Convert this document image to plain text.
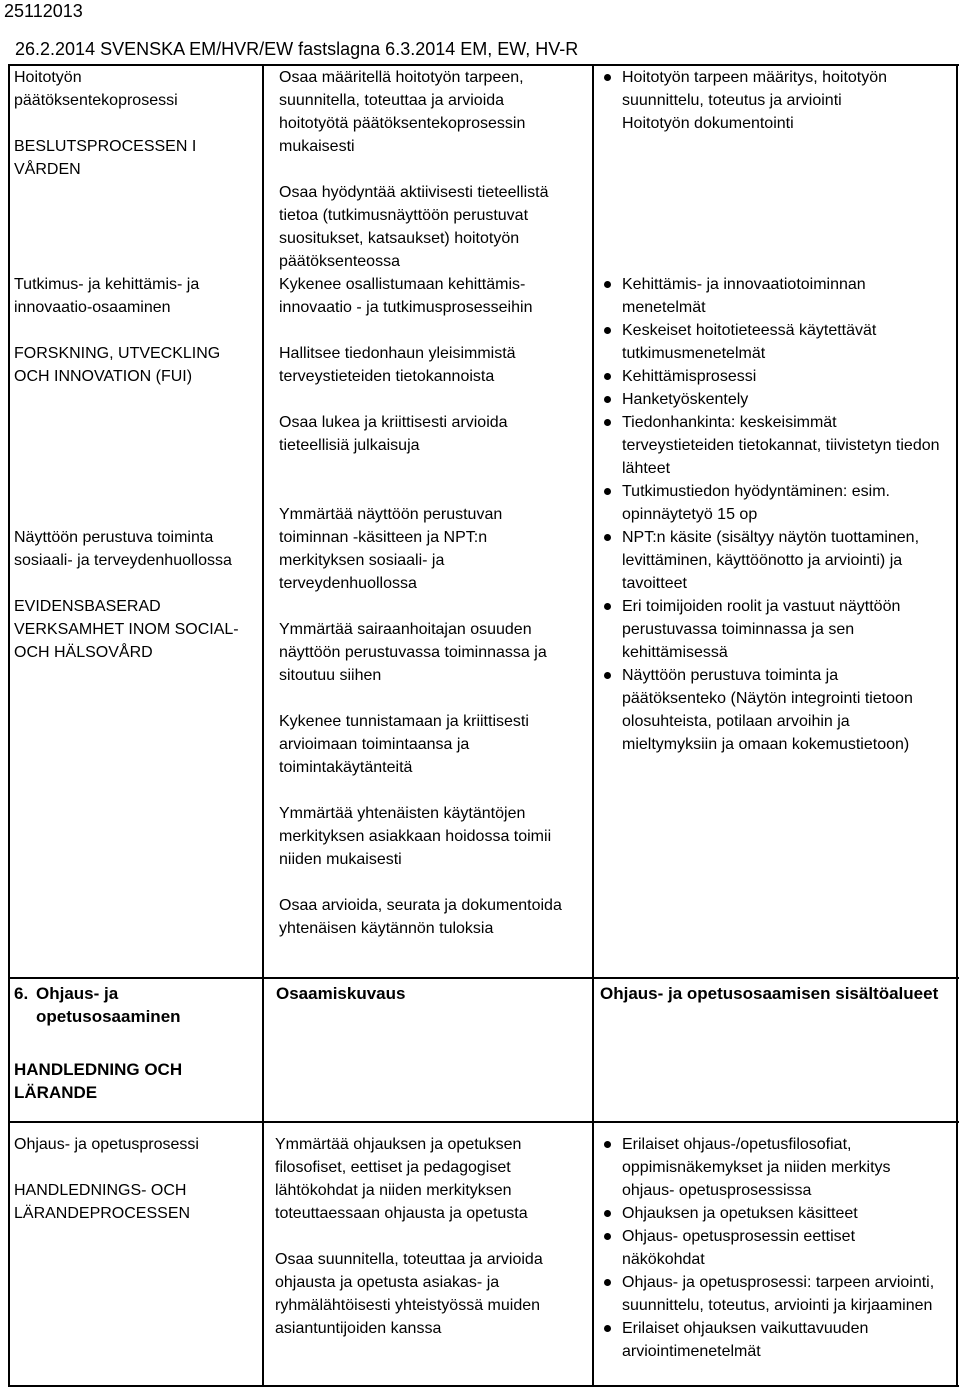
25112013
26.2.2014 SVENSKA EM/HVR/EW fastslagna 6.3.2014 EM, EW, HV-R

Hoitotyön

päätöksentekoprosessi

BESLUTSPROCESSEN I

VÅRDEN

Tutkimus- ja kehittämis- ja

innovaatio-osaaminen

FORSKNING, UTVECKLING

OCH INNOVATION (FUI)

Näyttöön perustuva toiminta

sosiaali- ja terveydenhuollossa

EVIDENSBASERAD

VERKSAMHET INOM SOCIAL-

OCH HÄLSOVÅRD

Osaa määritellä hoitotyön tarpeen,

suunnitella, toteuttaa ja arvioida

hoitotyötä päätöksentekoprosessin

mukaisesti

Osaa hyödyntää aktiivisesti tieteellistä

tietoa (tutkimusnäyttöön perustuvat

suositukset, katsaukset) hoitotyön

päätöksenteossa

Kykenee osallistumaan kehittämis-

innovaatio - ja tutkimusprosesseihin

Hallitsee tiedonhaun yleisimmistä

terveystieteiden tietokannoista

Osaa lukea ja kriittisesti arvioida

tieteellisiä julkaisuja

Ymmärtää näyttöön perustuvan

toiminnan -käsitteen ja NPT:n

merkityksen sosiaali- ja

terveydenhuollossa

Ymmärtää sairaanhoitajan osuuden

näyttöön perustuvassa toiminnassa ja

sitoutuu siihen

Kykenee tunnistamaan ja kriittisesti

arvioimaan toimintaansa ja

toimintakäytänteitä

Ymmärtää yhtenäisten käytäntöjen

merkityksen asiakkaan hoidossa toimii

niiden mukaisesti

Osaa arvioida, seurata ja dokumentoida

yhtenäisen käytännön tuloksia

Hoitotyön tarpeen määritys, hoitotyön

suunnittelu, toteutus ja arviointi

Hoitotyön dokumentointi

Kehittämis- ja innovaatiotoiminnan

menetelmät

Keskeiset hoitotieteessä käytettävät

tutkimusmenetelmät

Kehittämisprosessi

Hanketyöskentely

Tiedonhankinta: keskeisimmät

terveystieteiden tietokannat, tiivistetyn tiedon

lähteet

Tutkimustiedon hyödyntäminen: esim.

opinnäytetyö 15 op

NPT:n käsite (sisältyy näytön tuottaminen,

levittäminen, käyttöönotto ja arviointi) ja

tavoitteet

Eri toimijoiden roolit ja vastuut näyttöön

perustuvassa toiminnassa ja sen

kehittämisessä

Näyttöön perustuva toiminta ja

päätöksenteko (Näytön integrointi tietoon

olosuhteista, potilaan arvoihin ja

mieltymyksiin ja omaan kokemustietoon)

6. Ohjaus- ja

opetusosaaminen

HANDLEDNING OCH

LÄRANDE

Osaamiskuvaus	Ohjaus- ja opetusosaamisen sisältöalueet

Ohjaus- ja opetusprosessi

HANDLEDNINGS- OCH

LÄRANDEPROCESSEN

Ymmärtää ohjauksen ja opetuksen

filosofiset, eettiset ja pedagogiset

lähtökohdat ja niiden merkityksen

toteuttaessaan ohjausta ja opetusta

Osaa suunnitella, toteuttaa ja arvioida

ohjausta ja opetusta asiakas- ja

ryhmälähtöisesti yhteistyössä muiden

asiantuntijoiden kanssa

Erilaiset ohjaus-/opetusfilosofiat,

oppimisnäkemykset ja niiden merkitys

ohjaus- opetusprosessissa

Ohjauksen ja opetuksen käsitteet

Ohjaus- opetusprosessin eettiset

näkökohdat

Ohjaus- ja opetusprosessi: tarpeen arviointi,

suunnittelu, toteutus, arviointi ja kirjaaminen

Erilaiset ohjauksen vaikuttavuuden

arviointimenetelmät
